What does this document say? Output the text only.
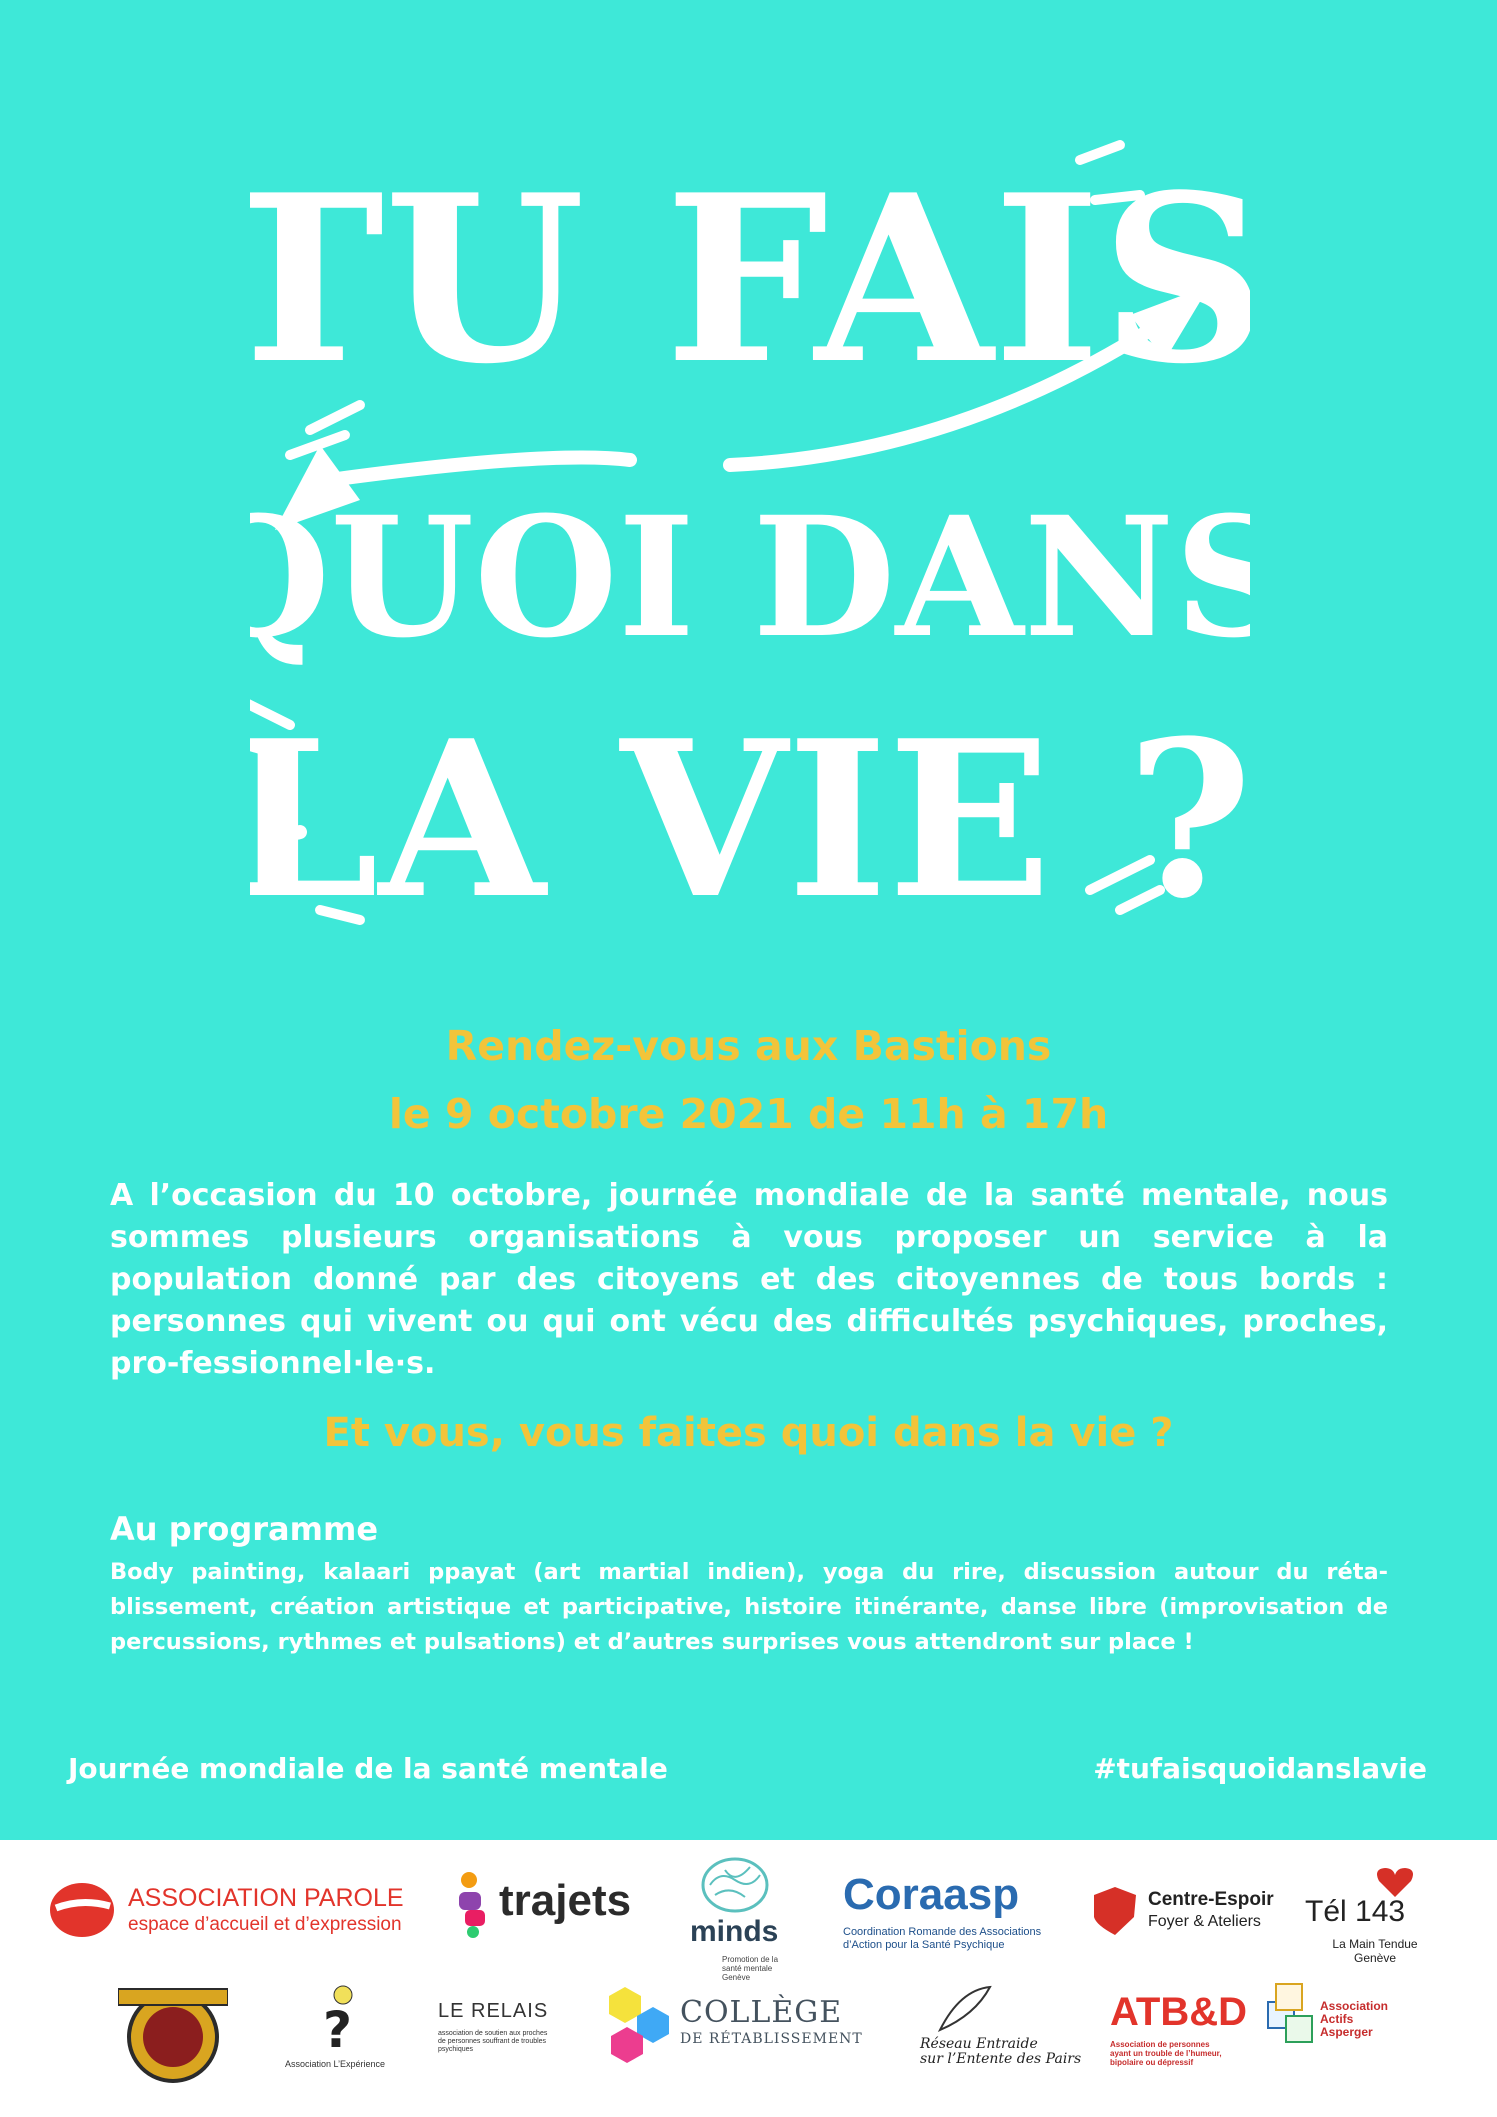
TU FAIS
QUOI DANS
LA VIE ?
Rendez-vous aux Bastions
le 9 octobre 2021 de 11h à 17h

A l’occasion du 10 octobre, journée mondiale de la santé mentale, nous sommes plusieurs organisations à vous proposer un service à la population donné par des citoyens et des citoyennes de tous bords : personnes qui vivent ou qui ont vécu des difficultés psychiques, proches, pro-fessionnel·le·s.

Et vous, vous faites quoi dans la vie ?
Au programme

Body painting, kalaari ppayat (art martial indien), yoga du rire, discussion autour du réta-blissement, création artistique et participative, histoire itinérante, danse libre (improvisation de percussions, rythmes et pulsations) et d’autres surprises vous attendront sur place !

Journée mondiale de la santé mentale	#tufaisquoidanslavie
ASSOCIATION PAROLE
espace d’accueil et d’expression trajets
minds
Promotion de la santé mentale Genève
Coraasp
Coordination Romande des Associations d’Action pour la Santé Psychique
Centre-Espoir
Foyer & Ateliers Tél 143
La Main Tendue
Genève
?
Association L’Expérience
LE RELAIS
association de soutien aux proches de personnes souffrant de troubles psychiques
COLLÈGE
DE RÉTABLISSEMENT	Réseau Entraide
sur l’Entente des Pairs
ATB&D
Association de personnes ayant un trouble de l’humeur, bipolaire ou dépressif
Association Actifs Asperger
